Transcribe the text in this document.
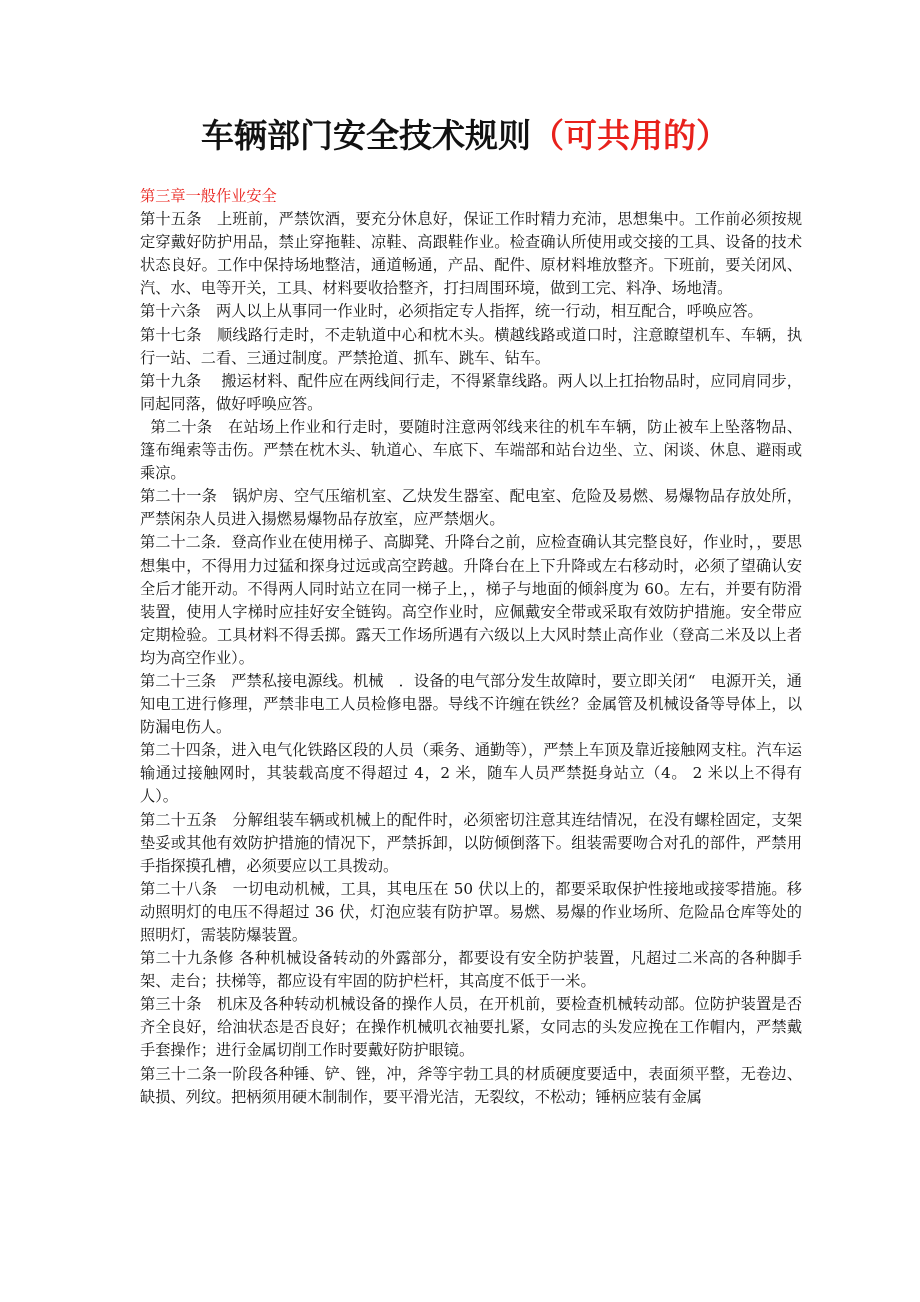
车辆部门安全技术规则（可共用的）

第三章一般作业安全

第十五条　上班前，严禁饮酒，要充分休息好，保证工作时精力充沛，思想集中。工作前必须按规定穿戴好防护用品，禁止穿拖鞋、凉鞋、高跟鞋作业。检查确认所使用或交接的工具、设备的技术状态良好。工作中保持场地整洁，通道畅通，产品、配件、原材料堆放整齐。下班前，要关闭风、汽、水、电等开关，工具、材料要收拾整齐，打扫周围环境，做到工完、料净、场地清。

第十六条　两人以上从事同一作业时，必须指定专人指挥，统一行动，相互配合，呼唤应答。

第十七条　顺线路行走时，不走轨道中心和枕木头。横越线路或道口时，注意瞭望机车、车辆，执行一站、二看、三通过制度。严禁抢道、抓车、跳车、钻车。

第十九条　 搬运材料、配件应在两线间行走，不得紧靠线路。两人以上扛抬物品时，应同肩同步，同起同落，做好呼唤应答。

第二十条　在站场上作业和行走时，要随时注意两邻线来往的机车车辆，防止被车上坠落物品、篷布绳索等击伤。严禁在枕木头、轨道心、车底下、车端部和站台边坐、立、闲谈、休息、避雨或乘凉。

第二十一条　锅炉房、空气压缩机室、乙炔发生器室、配电室、危险及易燃、易爆物品存放处所，严禁闲杂人员进入揚燃易爆物品存放室，应严禁烟火。

第二十二条．登高作业在使用梯子、高脚凳、升降台之前，应检查确认其完整良好，作业时，，要思想集中，不得用力过猛和探身过远或高空跨越。升降台在上下升降或左右移动时，必须了望确认安全后才能开动。不得两人同时站立在同一梯子上，，梯子与地面的倾斜度为 60。左右，并要有防滑装置，使用人字梯时应挂好安全链钩。高空作业时，应佩戴安全带或采取有效防护措施。安全带应定期检验。工具材料不得丢掷。露天工作场所遇有六级以上大风时禁止高作业（登高二米及以上者均为高空作业）。

第二十三条　严禁私接电源线。机械　．设备的电气部分发生故障时，要立即关闭“　电源开关，通知电工进行修理，严禁非电工人员检修电器。导线不许缠在铁丝？金属管及机械设备等导体上，以防漏电伤人。

第二十四条，进入电气化铁路区段的人员（乘务、通勤等），严禁上车顶及靠近接触网支柱。汽车运输通过接触网时，其装载高度不得超过 4，2 米，随车人员严禁挺身站立（4。 2 米以上不得有人）。

第二十五条　分解组装车辆或机械上的配件时，必须密切注意其连结情况，在没有螺栓固定，支架垫妥或其他有效防护措施的情况下，严禁拆卸，以防倾倒落下。组装需要吻合对孔的部件，严禁用手指探摸孔槽，必须要应以工具拨动。

第二十八条　一切电动机械，工具，其电压在 50 伏以上的，都要采取保护性接地或接零措施。移动照明灯的电压不得超过 36 伏，灯泡应装有防护罩。易燃、易爆的作业场所、危险品仓库等处的照明灯，需装防爆装置。

第二十九条修 各种机械设备转动的外露部分，都要设有安全防护装置，凡超过二米高的各种脚手架、走台；扶梯等，都应设有牢固的防护栏杆，其高度不低于一米。

第三十条　机床及各种转动机械设备的操作人员，在开机前，要检查机械转动部。位防护装置是否齐全良好，给油状态是否良好；在操作机械叽衣袖要扎紧，女同志的头发应挽在工作帽内，严禁戴手套操作；进行金属切削工作时要戴好防护眼镜。

第三十二条一阶段各种锤、铲、锉，冲，斧等宇勃工具的材质硬度要适中，表面须平整，无卷边、缺损、列纹。把柄须用硬木制制作，要平滑光洁，无裂纹，不松动；锤柄应装有金属
